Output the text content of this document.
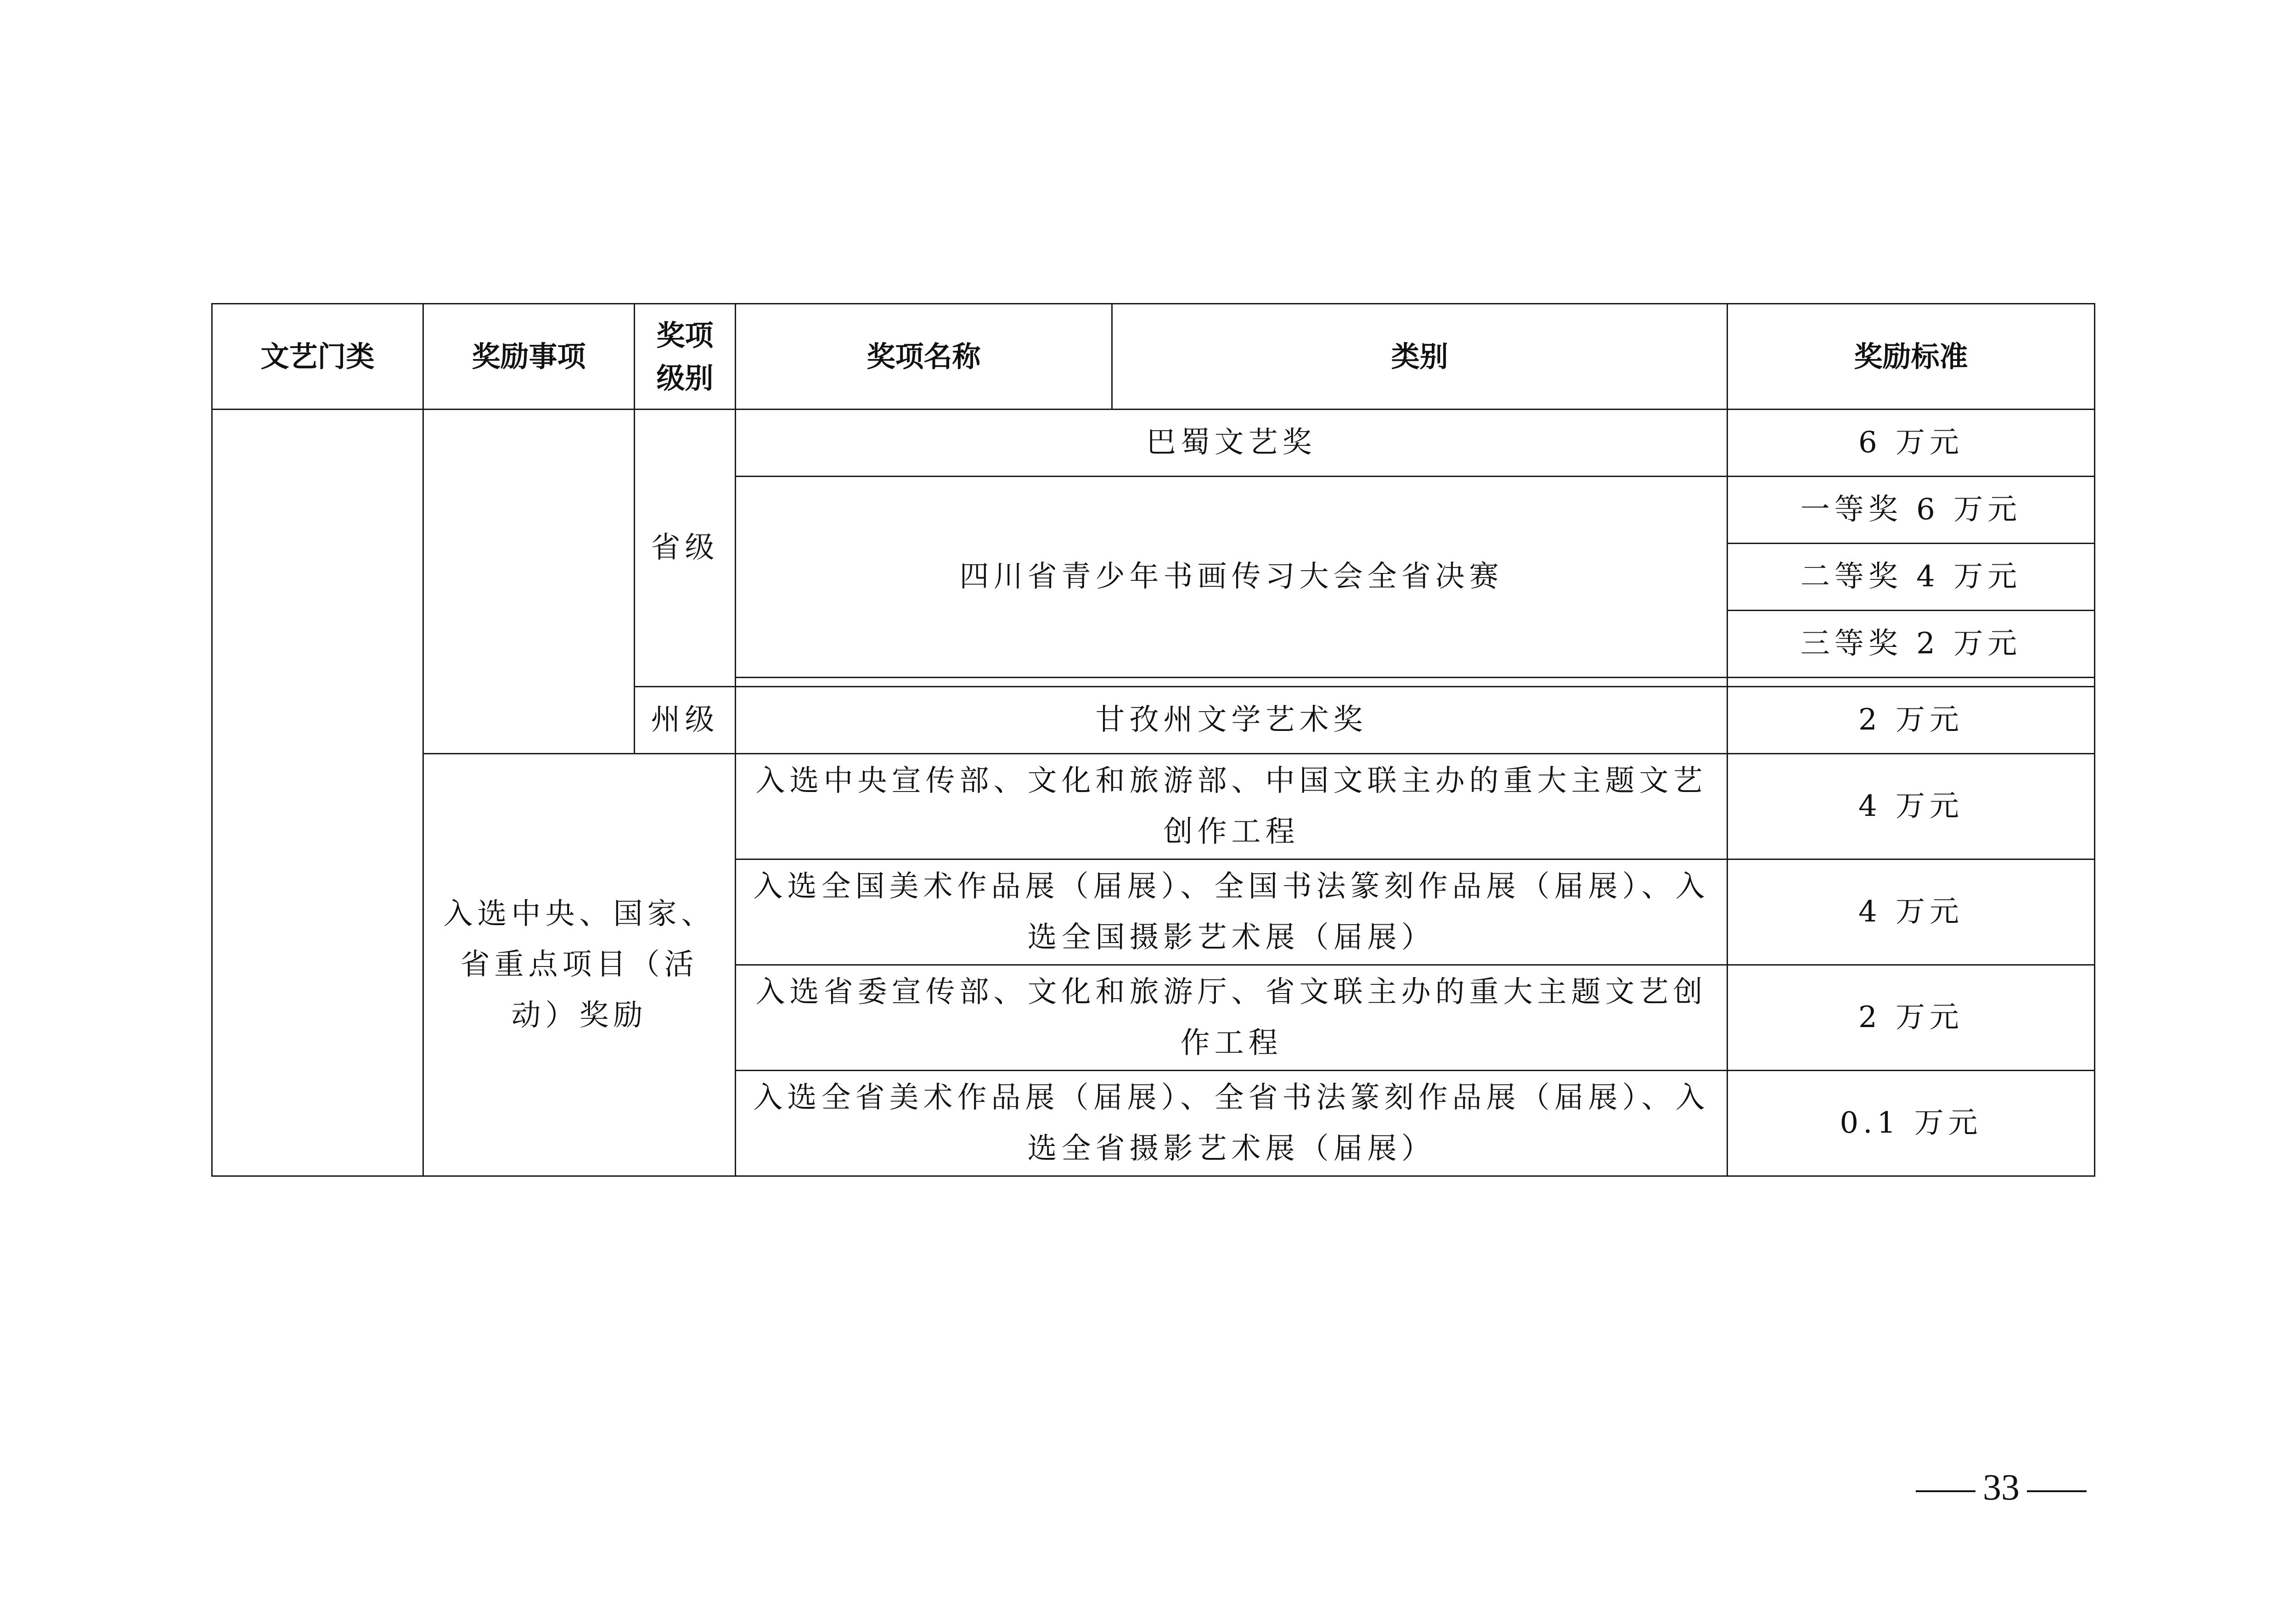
文艺门类	奖励事项	奖项级别	奖项名称	类别	奖励标准
		省级	巴蜀文艺奖		6 万元
			四川省青少年书画传习大会全省决赛		一等奖 6 万元
					二等奖 4 万元
					三等奖 2 万元

		州级	甘孜州文学艺术奖		2 万元
	入选中央、国家、省重点项目（活动）奖励		入选中央宣传部、文化和旅游部、中国文联主办的重大主题文艺创作工程		4 万元
			入选全国美术作品展（届展）、全国书法篆刻作品展（届展）、入选全国摄影艺术展（届展）		4 万元
			入选省委宣传部、文化和旅游厅、省文联主办的重大主题文艺创作工程		2 万元
			入选全省美术作品展（届展）、全省书法篆刻作品展（届展）、入选全省摄影艺术展（届展）		0.1 万元
33
